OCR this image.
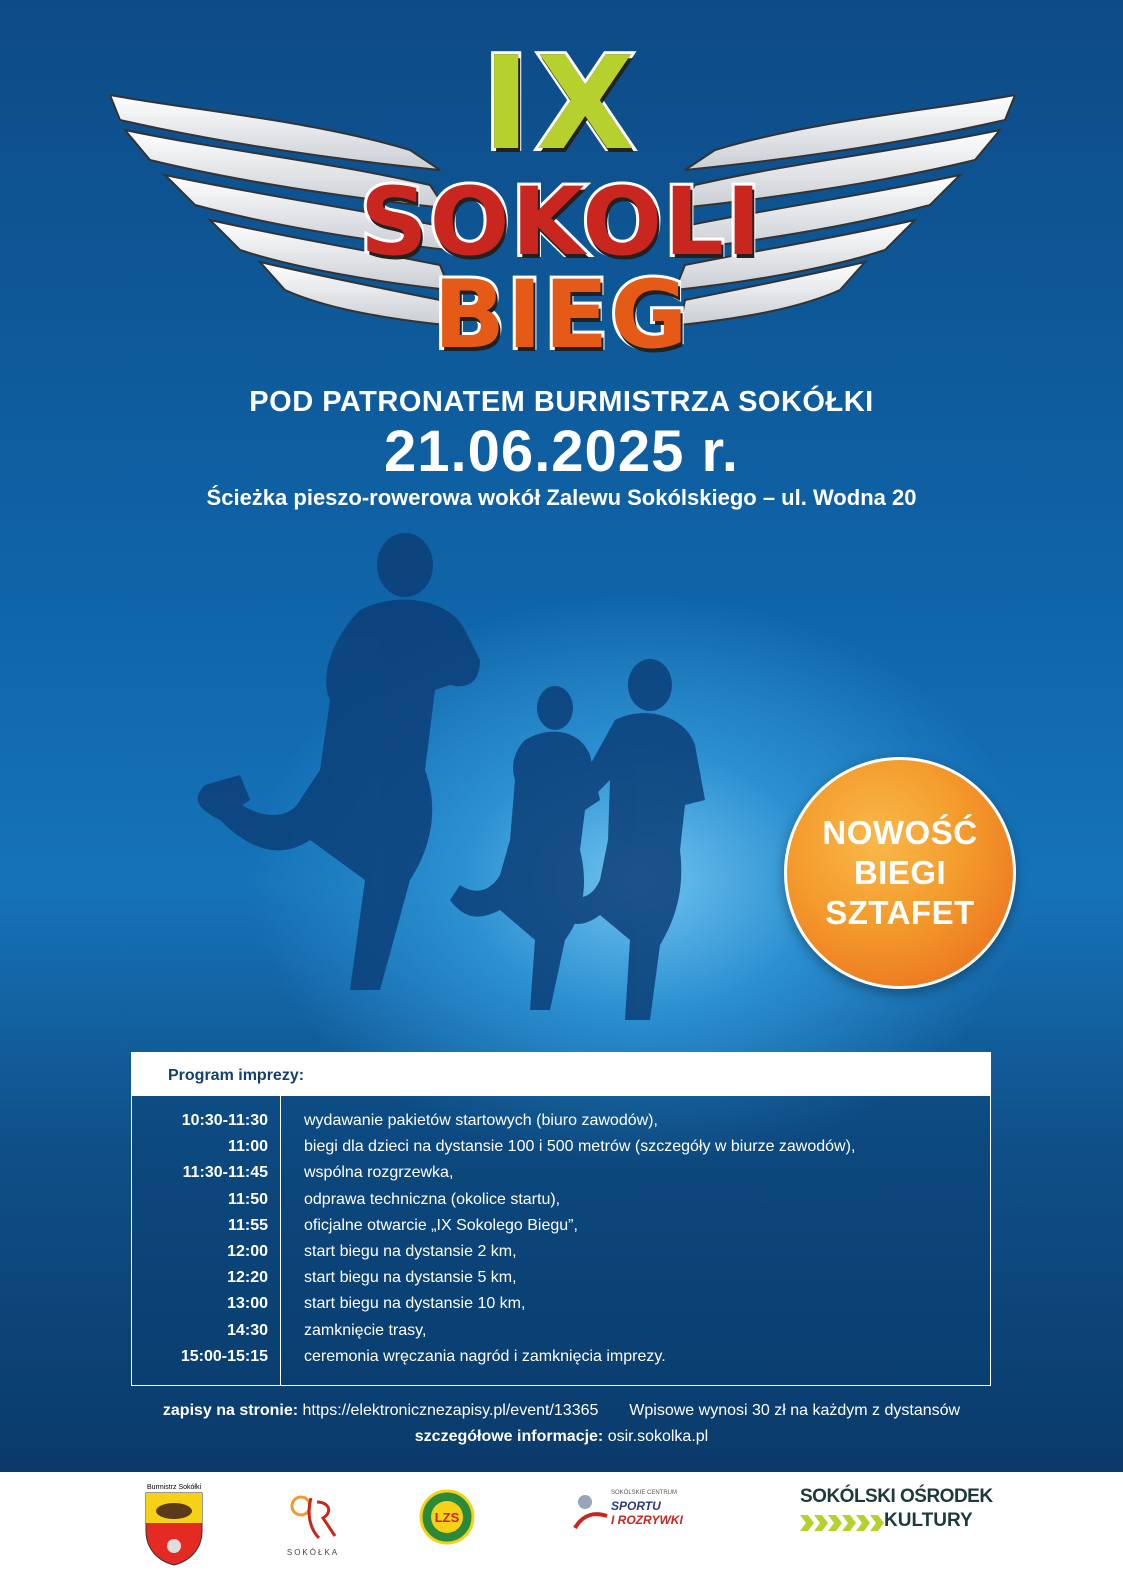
IX
SOKOLI
BIEG
POD PATRONATEM BURMISTRZA SOKÓŁKI
21.06.2025 r.
Ścieżka pieszo-rowerowa wokół Zalewu Sokólskiego – ul. Wodna 20
NOWOŚĆ
BIEGI
SZTAFET
Program imprezy:
10:30-11:30	wydawanie pakietów startowych (biuro zawodów),
11:00	biegi dla dzieci na dystansie 100 i 500 metrów (szczegóły w biurze zawodów),
11:30-11:45	wspólna rozgrzewka,
11:50	odprawa techniczna (okolice startu),
11:55	oficjalne otwarcie „IX Sokolego Biegu”,
12:00	start biegu na dystansie 2 km,
12:20	start biegu na dystansie 5 km,
13:00	start biegu na dystansie 10 km,
14:30	zamknięcie trasy,
15:00-15:15	ceremonia wręczania nagród i zamknięcia imprezy.
zapisy na stronie: https://elektronicznezapisy.pl/event/13365 Wpisowe wynosi 30 zł na każdym z dystansów
szczegółowe informacje: osir.sokolka.pl
Burmistrz Sokółki
SOKÓŁKA
LZS
SOKÓLSKIE CENTRUM
SPORTU
I ROZRYWKI
SOKÓLSKI OŚRODEK
KULTURY
